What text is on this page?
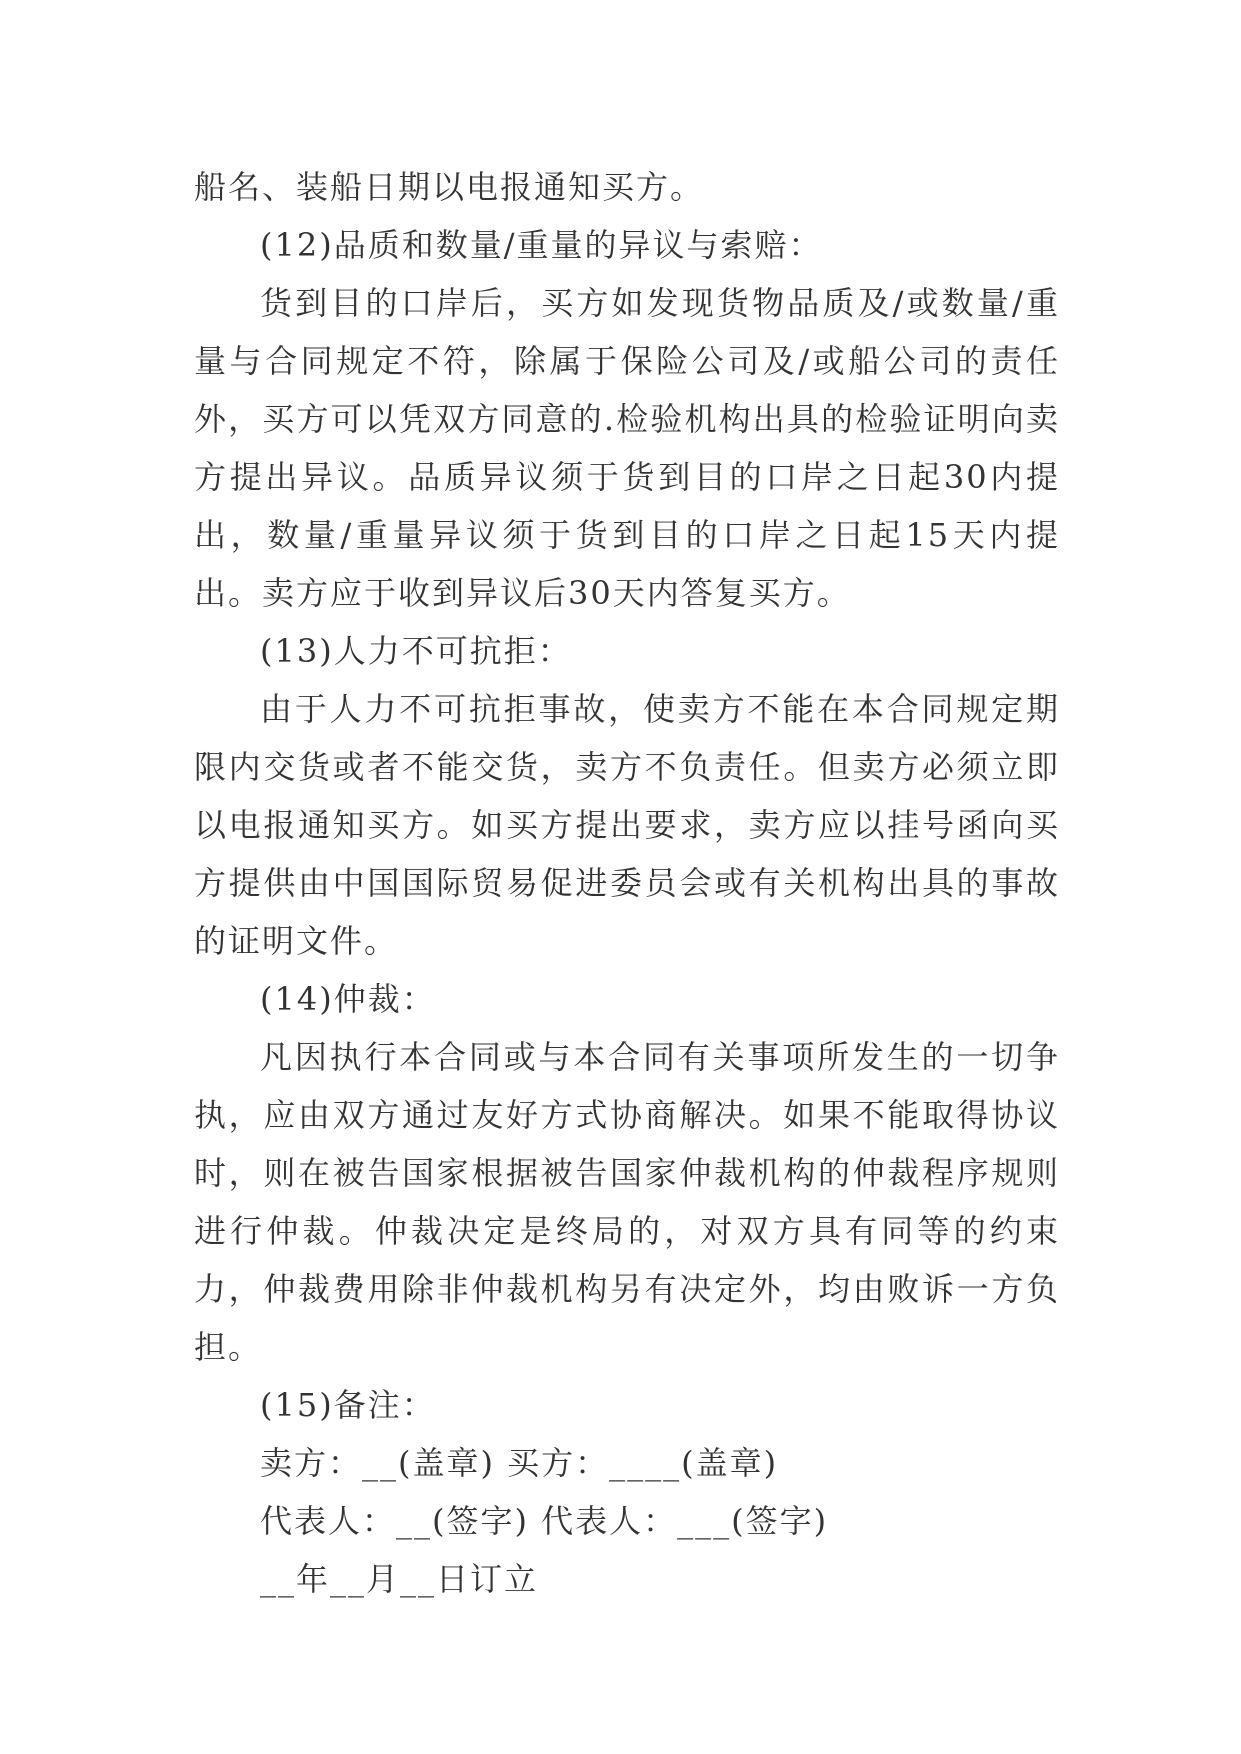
船名、装船日期以电报通知买方。

(12)品质和数量/重量的异议与索赔：

货到目的口岸后，买方如发现货物品质及/或数量/重量与合同规定不符，除属于保险公司及/或船公司的责任外，买方可以凭双方同意的.检验机构出具的检验证明向卖方提出异议。品质异议须于货到目的口岸之日起30内提出，数量/重量异议须于货到目的口岸之日起15天内提出。卖方应于收到异议后30天内答复买方。

(13)人力不可抗拒：

由于人力不可抗拒事故，使卖方不能在本合同规定期限内交货或者不能交货，卖方不负责任。但卖方必须立即以电报通知买方。如买方提出要求，卖方应以挂号函向买方提供由中国国际贸易促进委员会或有关机构出具的事故的证明文件。

(14)仲裁：

凡因执行本合同或与本合同有关事项所发生的一切争执，应由双方通过友好方式协商解决。如果不能取得协议时，则在被告国家根据被告国家仲裁机构的仲裁程序规则进行仲裁。仲裁决定是终局的，对双方具有同等的约束力，仲裁费用除非仲裁机构另有决定外，均由败诉一方负担。

(15)备注：

卖方：__(盖章) 买方：____(盖章)

代表人：__(签字) 代表人：___(签字)

__年__月__日订立
